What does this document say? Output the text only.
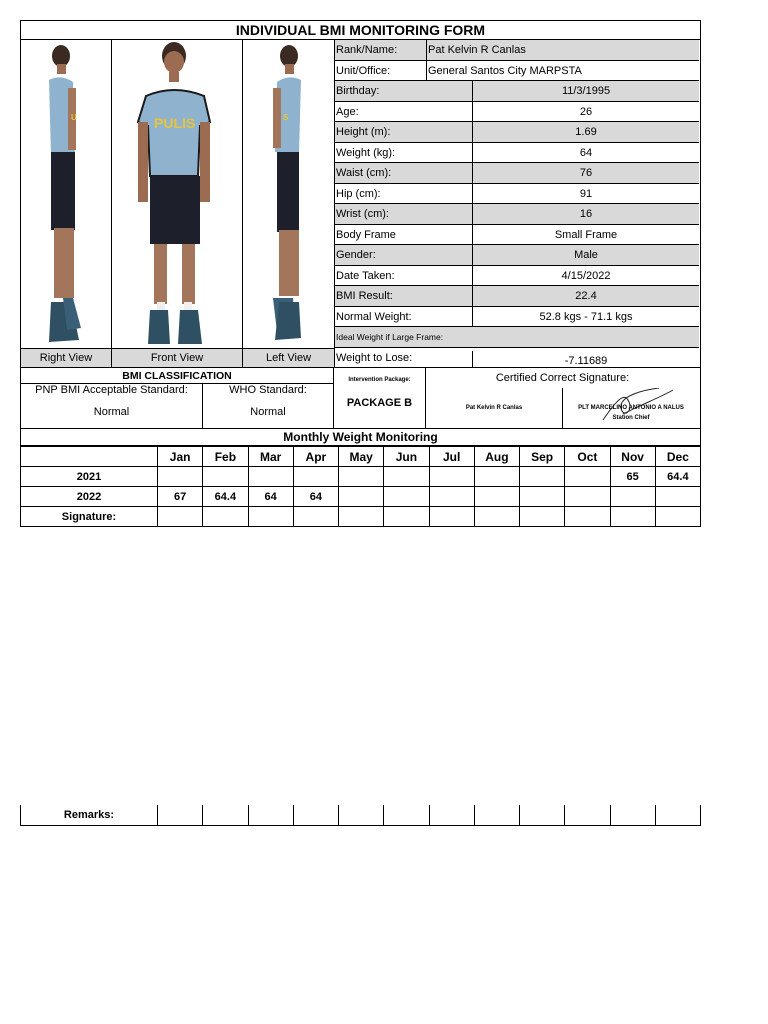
INDIVIDUAL BMI MONITORING FORM
U	PULIS	S
Right View	Front View	Left View
Rank/Name:	Pat Kelvin R Canlas
Unit/Office:	General Santos City MARPSTA
Birthday:	11/3/1995
Age:	26
Height (m):	1.69
Weight (kg):	64
Waist (cm):	76
Hip (cm):	91
Wrist (cm):	16
Body Frame	Small Frame
Gender:	Male
Date Taken:	4/15/2022
BMI Result:	22.4
Normal Weight:	52.8 kgs - 71.1 kgs
Ideal Weight if Large Frame:
Weight to Lose:	-7.11689
BMI CLASSIFICATION
PNP BMI Acceptable Standard:
Normal
WHO Standard:
Normal
Intervention Package:
PACKAGE B
Certified Correct Signature:
Pat Kelvin R Canlas	PLT MARCELINO ANTONIO A NALUS
Station Chief
Monthly Weight Monitoring
	Jan	Feb	Mar	Apr	May	Jun	Jul	Aug	Sep	Oct	Nov	Dec
2021											65	64.4
2022	67	64.4	64	64								
Signature:												
Remarks:												
